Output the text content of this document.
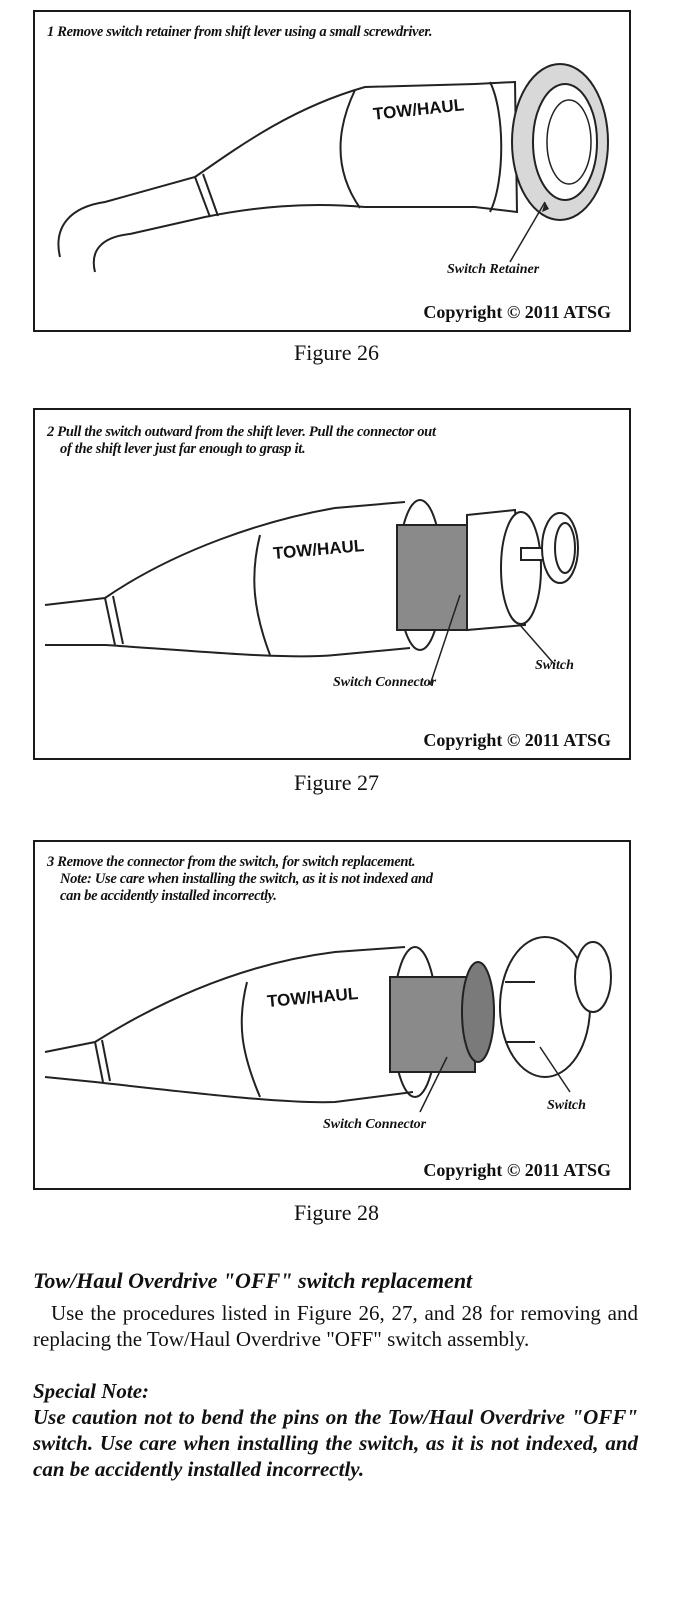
TOW/HAUL
1 Remove switch retainer from shift lever using a small screwdriver.
Switch Retainer
Copyright © 2011 ATSG
Figure 26
TOW/HAUL
2 Pull the switch outward from the shift lever. Pull the connector out
of the shift lever just far enough to grasp it.
Switch Connector
Switch
Copyright © 2011 ATSG
Figure 27
TOW/HAUL
3 Remove the connector from the switch, for switch replacement.
Note: Use care when installing the switch, as it is not indexed and
can be accidently installed incorrectly.
Switch Connector
Switch
Copyright © 2011 ATSG
Figure 28
Tow/Haul Overdrive "OFF" switch replacement
Use the procedures listed in Figure 26, 27, and 28 for removing and replacing the Tow/Haul Overdrive "OFF" switch assembly.
Special Note:
Use caution not to bend the pins on the Tow/Haul Overdrive "OFF" switch. Use care when installing the switch, as it is not indexed, and can be accidently installed incorrectly.
